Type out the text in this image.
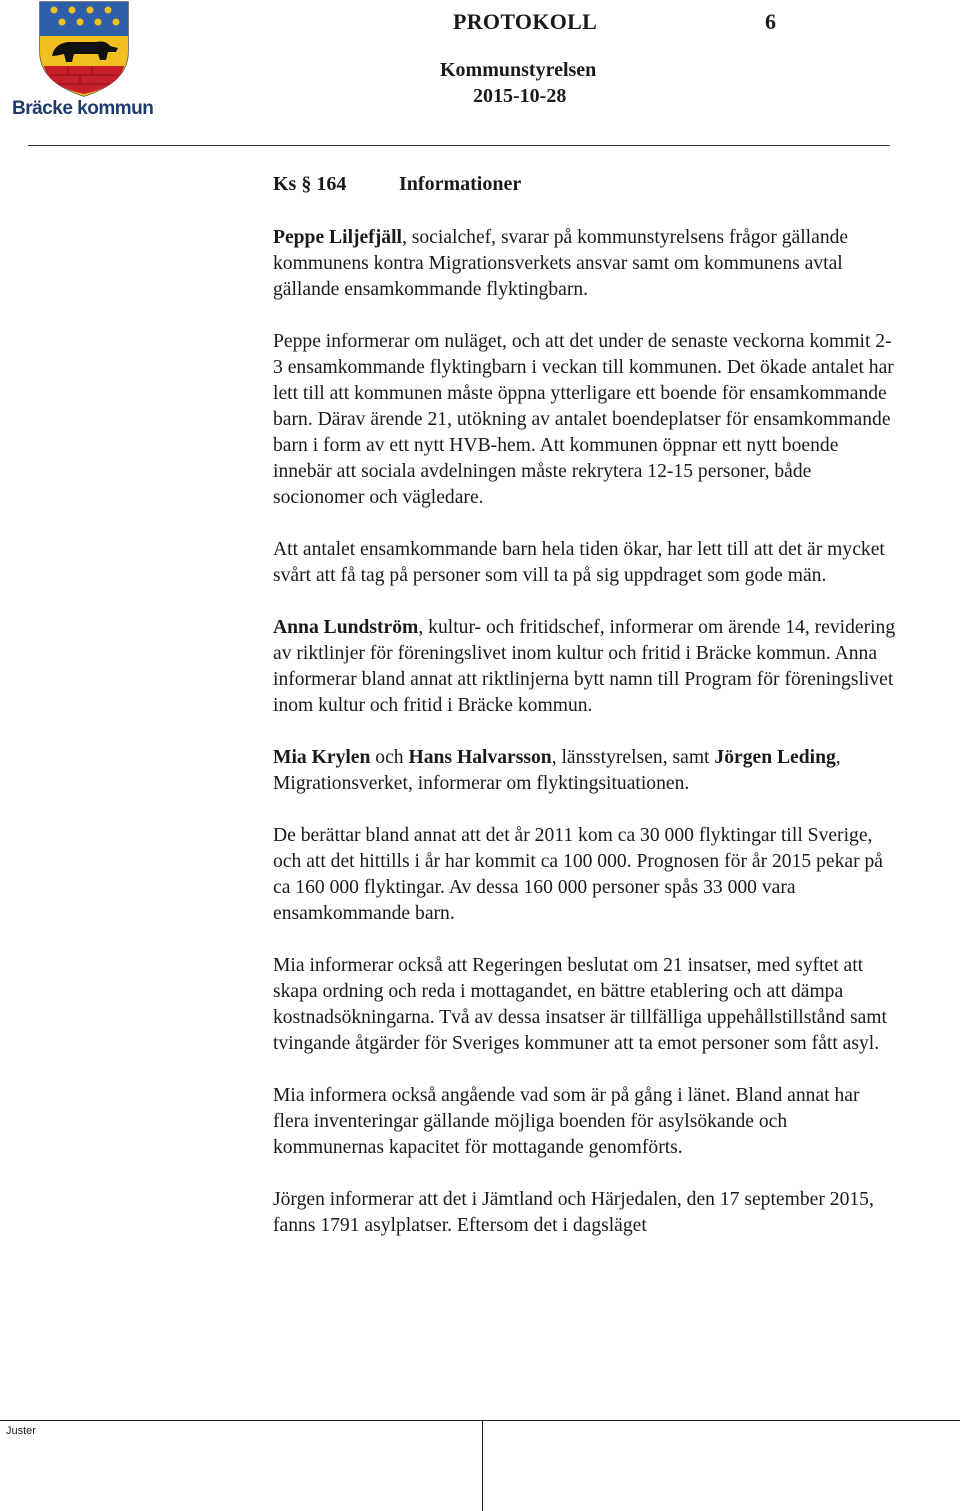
Bräcke kommun
PROTOKOLL	6
Kommunstyrelsen
2015-10-28
Ks § 164	Informationer

Peppe Liljefjäll, socialchef, svarar på kommunstyrelsens frågor gällande kommunens kontra Migrationsverkets ansvar samt om kommunens avtal gällande ensamkommande flyktingbarn.

Peppe informerar om nuläget, och att det under de senaste veckorna kommit 2-3 ensamkommande flyktingbarn i veckan till kommunen. Det ökade antalet har lett till att kommunen måste öppna ytterligare ett boende för ensamkommande barn. Därav ärende 21, utökning av antalet boendeplatser för ensamkommande barn i form av ett nytt HVB-hem. Att kommunen öppnar ett nytt boende innebär att sociala avdelningen måste rekrytera 12-15 personer, både socionomer och vägledare.

Att antalet ensamkommande barn hela tiden ökar, har lett till att det är mycket svårt att få tag på personer som vill ta på sig uppdraget som gode män.

Anna Lundström, kultur- och fritidschef, informerar om ärende 14, revidering av riktlinjer för föreningslivet inom kultur och fritid i Bräcke kommun. Anna informerar bland annat att riktlinjerna bytt namn till Program för föreningslivet inom kultur och fritid i Bräcke kommun.

Mia Krylen och Hans Halvarsson, länsstyrelsen, samt Jörgen Leding, Migrationsverket, informerar om flyktingsituationen.

De berättar bland annat att det år 2011 kom ca 30 000 flyktingar till Sverige, och att det hittills i år har kommit ca 100 000. Prognosen för år 2015 pekar på ca 160 000 flyktingar. Av dessa 160 000 personer spås 33 000 vara ensamkommande barn.

Mia informerar också att Regeringen beslutat om 21 insatser, med syftet att skapa ordning och reda i mottagandet, en bättre etablering och att dämpa kostnadsökningarna. Två av dessa insatser är tillfälliga uppehållstillstånd samt tvingande åtgärder för Sveriges kommuner att ta emot personer som fått asyl.

Mia informera också angående vad som är på gång i länet. Bland annat har flera inventeringar gällande möjliga boenden för asylsökande och kommunernas kapacitet för mottagande genomförts.

Jörgen informerar att det i Jämtland och Härjedalen, den 17 september 2015, fanns 1791 asylplatser. Eftersom det i dagsläget

Juster
